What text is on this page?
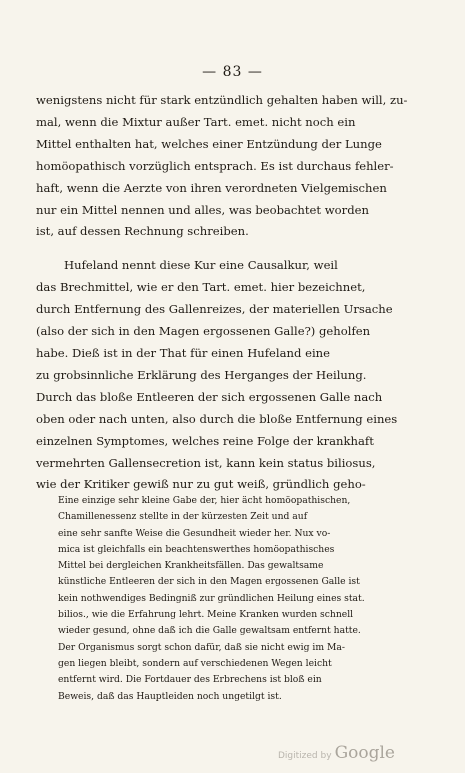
— 83 —
wenigstens nicht für stark entzündlich gehalten haben will, zu-
mal, wenn die Mixtur außer Tart. emet. nicht noch ein
Mittel enthalten hat, welches einer Entzündung der Lunge
homöopathisch vorzüglich entsprach. Es ist durchaus fehler-
haft, wenn die Aerzte von ihren verordneten Vielgemischen
nur ein Mittel nennen und alles, was beobachtet worden
ist, auf dessen Rechnung schreiben.
Hufeland nennt diese Kur eine Causalkur, weil
das Brechmittel, wie er den Tart. emet. hier bezeichnet,
durch Entfernung des Gallenreizes, der materiellen Ursache
(also der sich in den Magen ergossenen Galle?) geholfen
habe. Dieß ist in der That für einen Hufeland eine
zu grobsinnliche Erklärung des Herganges der Heilung.
Durch das bloße Entleeren der sich ergossenen Galle nach
oben oder nach unten, also durch die bloße Entfernung eines
einzelnen Symptomes, welches reine Folge der krankhaft
vermehrten Gallensecretion ist, kann kein status biliosus,
wie der Kritiker gewiß nur zu gut weiß, gründlich geho-
Eine einzige sehr kleine Gabe der, hier ächt homöopathischen,
Chamillenessenz stellte in der kürzesten Zeit und auf
eine sehr sanfte Weise die Gesundheit wieder her. Nux vo-
mica ist gleichfalls ein beachtenswerthes homöopathisches
Mittel bei dergleichen Krankheitsfällen. Das gewaltsame
künstliche Entleeren der sich in den Magen ergossenen Galle ist
kein nothwendiges Bedingniß zur gründlichen Heilung eines stat.
bilios., wie die Erfahrung lehrt. Meine Kranken wurden schnell
wieder gesund, ohne daß ich die Galle gewaltsam entfernt hatte.
Der Organismus sorgt schon dafür, daß sie nicht ewig im Ma-
gen liegen bleibt, sondern auf verschiedenen Wegen leicht
entfernt wird. Die Fortdauer des Erbrechens ist bloß ein
Beweis, daß das Hauptleiden noch ungetilgt ist.
Digitized by Google
